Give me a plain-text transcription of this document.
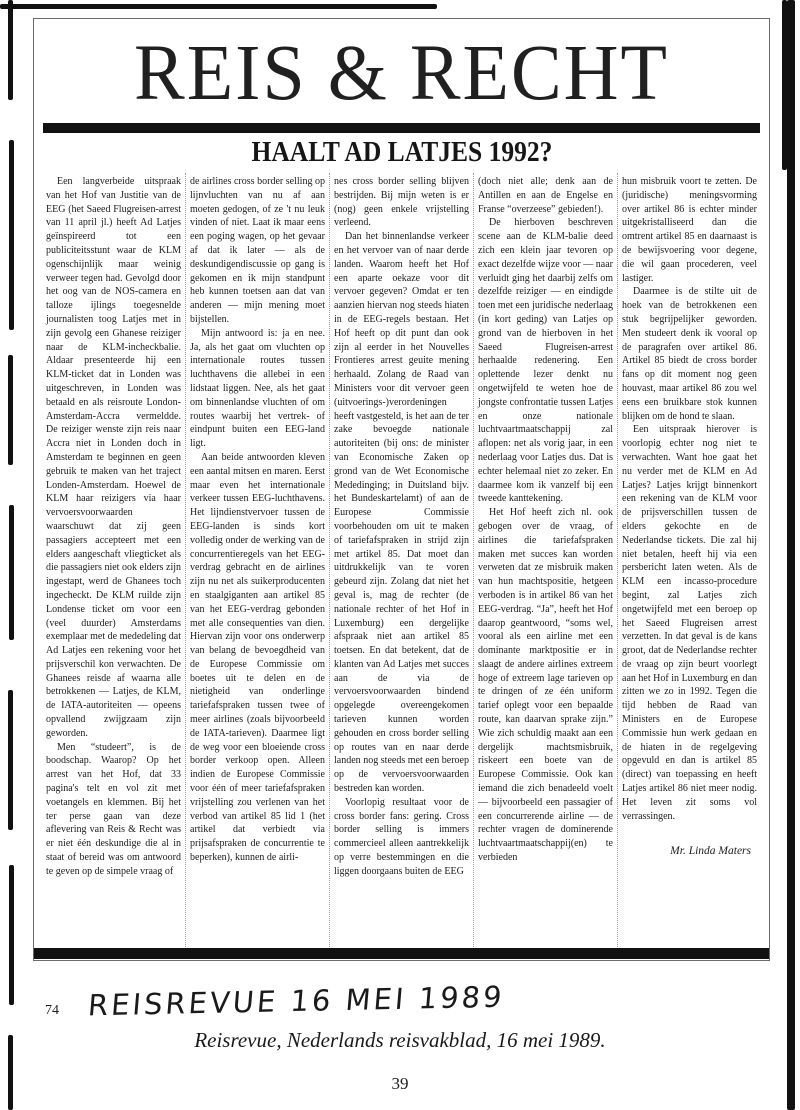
REIS & RECHT
HAALT AD LATJES 1992?

Een langverbeide uitspraak van het Hof van Justitie van de EEG (het Saeed Flugreisen-arrest van 11 april jl.) heeft Ad Latjes geïnspireerd tot een publiciteitsstunt waar de KLM ogenschijnlijk maar weinig verweer tegen had. Gevolgd door het oog van de NOS-camera en talloze ijlings toegesnelde journalisten toog Latjes met in zijn gevolg een Ghanese reiziger naar de KLM-incheckbalie. Aldaar presenteerde hij een KLM-ticket dat in Londen was uitgeschreven, in Londen was betaald en als reisroute London-Amsterdam-Accra vermeldde. De reiziger wenste zijn reis naar Accra niet in Londen doch in Amsterdam te beginnen en geen gebruik te maken van het traject Londen-Amsterdam. Hoewel de KLM haar reizigers via haar vervoersvoorwaarden waarschuwt dat zij geen passagiers accepteert met een elders aangeschaft vliegticket als die passagiers niet ook elders zijn ingestapt, werd de Ghanees toch ingecheckt. De KLM ruilde zijn Londense ticket om voor een (veel duurder) Amsterdams exemplaar met de mededeling dat Ad Latjes een rekening voor het prijsverschil kon verwachten. De Ghanees reisde af waarna alle betrokkenen — Latjes, de KLM, de IATA-autoriteiten — opeens opvallend zwijgzaam zijn geworden.

Men “studeert”, is de boodschap. Waarop? Op het arrest van het Hof, dat 33 pagina's telt en vol zit met voetangels en klemmen. Bij het ter perse gaan van deze aflevering van Reis & Recht was er niet één deskundige die al in staat of bereid was om antwoord te geven op de simpele vraag of

de airlines cross border selling op lijnvluchten van nu af aan moeten gedogen, of ze 't nu leuk vinden of niet. Laat ik maar eens een poging wagen, op het gevaar af dat ik later — als de deskundigendiscussie op gang is gekomen en ik mijn standpunt heb kunnen toetsen aan dat van anderen — mijn mening moet bijstellen.

Mijn antwoord is: ja en nee. Ja, als het gaat om vluchten op internationale routes tussen luchthavens die allebei in een lidstaat liggen. Nee, als het gaat om binnenlandse vluchten of om routes waarbij het vertrek- of eindpunt buiten een EEG-land ligt.

Aan beide antwoorden kleven een aantal mitsen en maren. Eerst maar even het internationale verkeer tussen EEG-luchthavens. Het lijndienstvervoer tussen de EEG-landen is sinds kort volledig onder de werking van de concurrentieregels van het EEG-verdrag gebracht en de airlines zijn nu net als suikerproducenten en staalgiganten aan artikel 85 van het EEG-verdrag gebonden met alle consequenties van dien. Hiervan zijn voor ons onderwerp van belang de bevoegdheid van de Europese Commissie om boetes uit te delen en de nietigheid van onderlinge tariefafspraken tussen twee of meer airlines (zoals bijvoorbeeld de IATA-tarieven). Daarmee ligt de weg voor een bloeiende cross border verkoop open. Alleen indien de Europese Commissie voor één of meer tariefafspraken vrijstelling zou verlenen van het verbod van artikel 85 lid 1 (het artikel dat verbiedt via prijsafspraken de concurrentie te beperken), kunnen de airli-

nes cross border selling blijven bestrijden. Bij mijn weten is er (nog) geen enkele vrijstelling verleend.

Dan het binnenlandse verkeer en het vervoer van of naar derde landen. Waarom heeft het Hof een aparte oekaze voor dit vervoer gegeven? Omdat er ten aanzien hiervan nog steeds hiaten in de EEG-regels bestaan. Het Hof heeft op dit punt dan ook zijn al eerder in het Nouvelles Frontieres arrest geuite mening herhaald. Zolang de Raad van Ministers voor dit vervoer geen (uitvoerings-)verordeningen heeft vastgesteld, is het aan de ter zake bevoegde nationale autoriteiten (bij ons: de minister van Economische Zaken op grond van de Wet Economische Mededinging; in Duitsland bijv. het Bundeskartelamt) of aan de Europese Commissie voorbehouden om uit te maken of tariefafspraken in strijd zijn met artikel 85. Dat moet dan uitdrukkelijk van te voren gebeurd zijn. Zolang dat niet het geval is, mag de rechter (de nationale rechter of het Hof in Luxemburg) een dergelijke afspraak niet aan artikel 85 toetsen. En dat betekent, dat de klanten van Ad Latjes met succes aan de via de vervoersvoorwaarden bindend opgelegde overeengekomen tarieven kunnen worden gehouden en cross border selling op routes van en naar derde landen nog steeds met een beroep op de vervoersvoorwaarden bestreden kan worden.

Voorlopig resultaat voor de cross border fans: gering. Cross border selling is immers commercieel alleen aantrekkelijk op verre bestemmingen en die liggen doorgaans buiten de EEG

(doch niet alle; denk aan de Antillen en aan de Engelse en Franse “overzeese” gebieden!).

De hierboven beschreven scene aan de KLM-balie deed zich een klein jaar tevoren op exact dezelfde wijze voor — naar verluidt ging het daarbij zelfs om dezelfde reiziger — en eindigde toen met een juridische nederlaag (in kort geding) van Latjes op grond van de hierboven in het Saeed Flugreisen-arrest herhaalde redenering. Een oplettende lezer denkt nu ongetwijfeld te weten hoe de jongste confrontatie tussen Latjes en onze nationale luchtvaartmaatschappij zal aflopen: net als vorig jaar, in een nederlaag voor Latjes dus. Dat is echter helemaal niet zo zeker. En daarmee kom ik vanzelf bij een tweede kanttekening.

Het Hof heeft zich nl. ook gebogen over de vraag, of airlines die tariefafspraken maken met succes kan worden verweten dat ze misbruik maken van hun machtspositie, hetgeen verboden is in artikel 86 van het EEG-verdrag. “Ja”, heeft het Hof daarop geantwoord, “soms wel, vooral als een airline met een dominante marktpositie er in slaagt de andere airlines extreem hoge of extreem lage tarieven op te dringen of ze één uniform tarief oplegt voor een bepaalde route, kan daarvan sprake zijn.” Wie zich schuldig maakt aan een dergelijk machtsmisbruik, riskeert een boete van de Europese Commissie. Ook kan iemand die zich benadeeld voelt — bijvoorbeeld een passagier of een concurrerende airline — de rechter vragen de dominerende luchtvaartmaatschappij(en) te verbieden

hun misbruik voort te zetten. De (juridische) meningsvorming over artikel 86 is echter minder uitgekristalliseerd dan die omtrent artikel 85 en daarnaast is de bewijsvoering voor degene, die wil gaan procederen, veel lastiger.

Daarmee is de stilte uit de hoek van de betrokkenen een stuk begrijpelijker geworden. Men studeert denk ik vooral op de paragrafen over artikel 86. Artikel 85 biedt de cross border fans op dit moment nog geen houvast, maar artikel 86 zou wel eens een bruikbare stok kunnen blijken om de hond te slaan.

Een uitspraak hierover is voorlopig echter nog niet te verwachten. Want hoe gaat het nu verder met de KLM en Ad Latjes? Latjes krijgt binnenkort een rekening van de KLM voor de prijsverschillen tussen de elders gekochte en de Nederlandse tickets. Die zal hij niet betalen, heeft hij via een persbericht laten weten. Als de KLM een incasso-procedure begint, zal Latjes zich ongetwijfeld met een beroep op het Saeed Flugreisen arrest verzetten. In dat geval is de kans groot, dat de Nederlandse rechter de vraag op zijn beurt voorlegt aan het Hof in Luxemburg en dan zitten we zo in 1992. Tegen die tijd hebben de Raad van Ministers en de Europese Commissie hun werk gedaan en de hiaten in de regelgeving opgevuld en dan is artikel 85 (direct) van toepassing en heeft Latjes artikel 86 niet meer nodig. Het leven zit soms vol verrassingen.

Mr. Linda Maters
74 REISREVUE 16 MEI 1989
Reisrevue, Nederlands reisvakblad, 16 mei 1989.
39
